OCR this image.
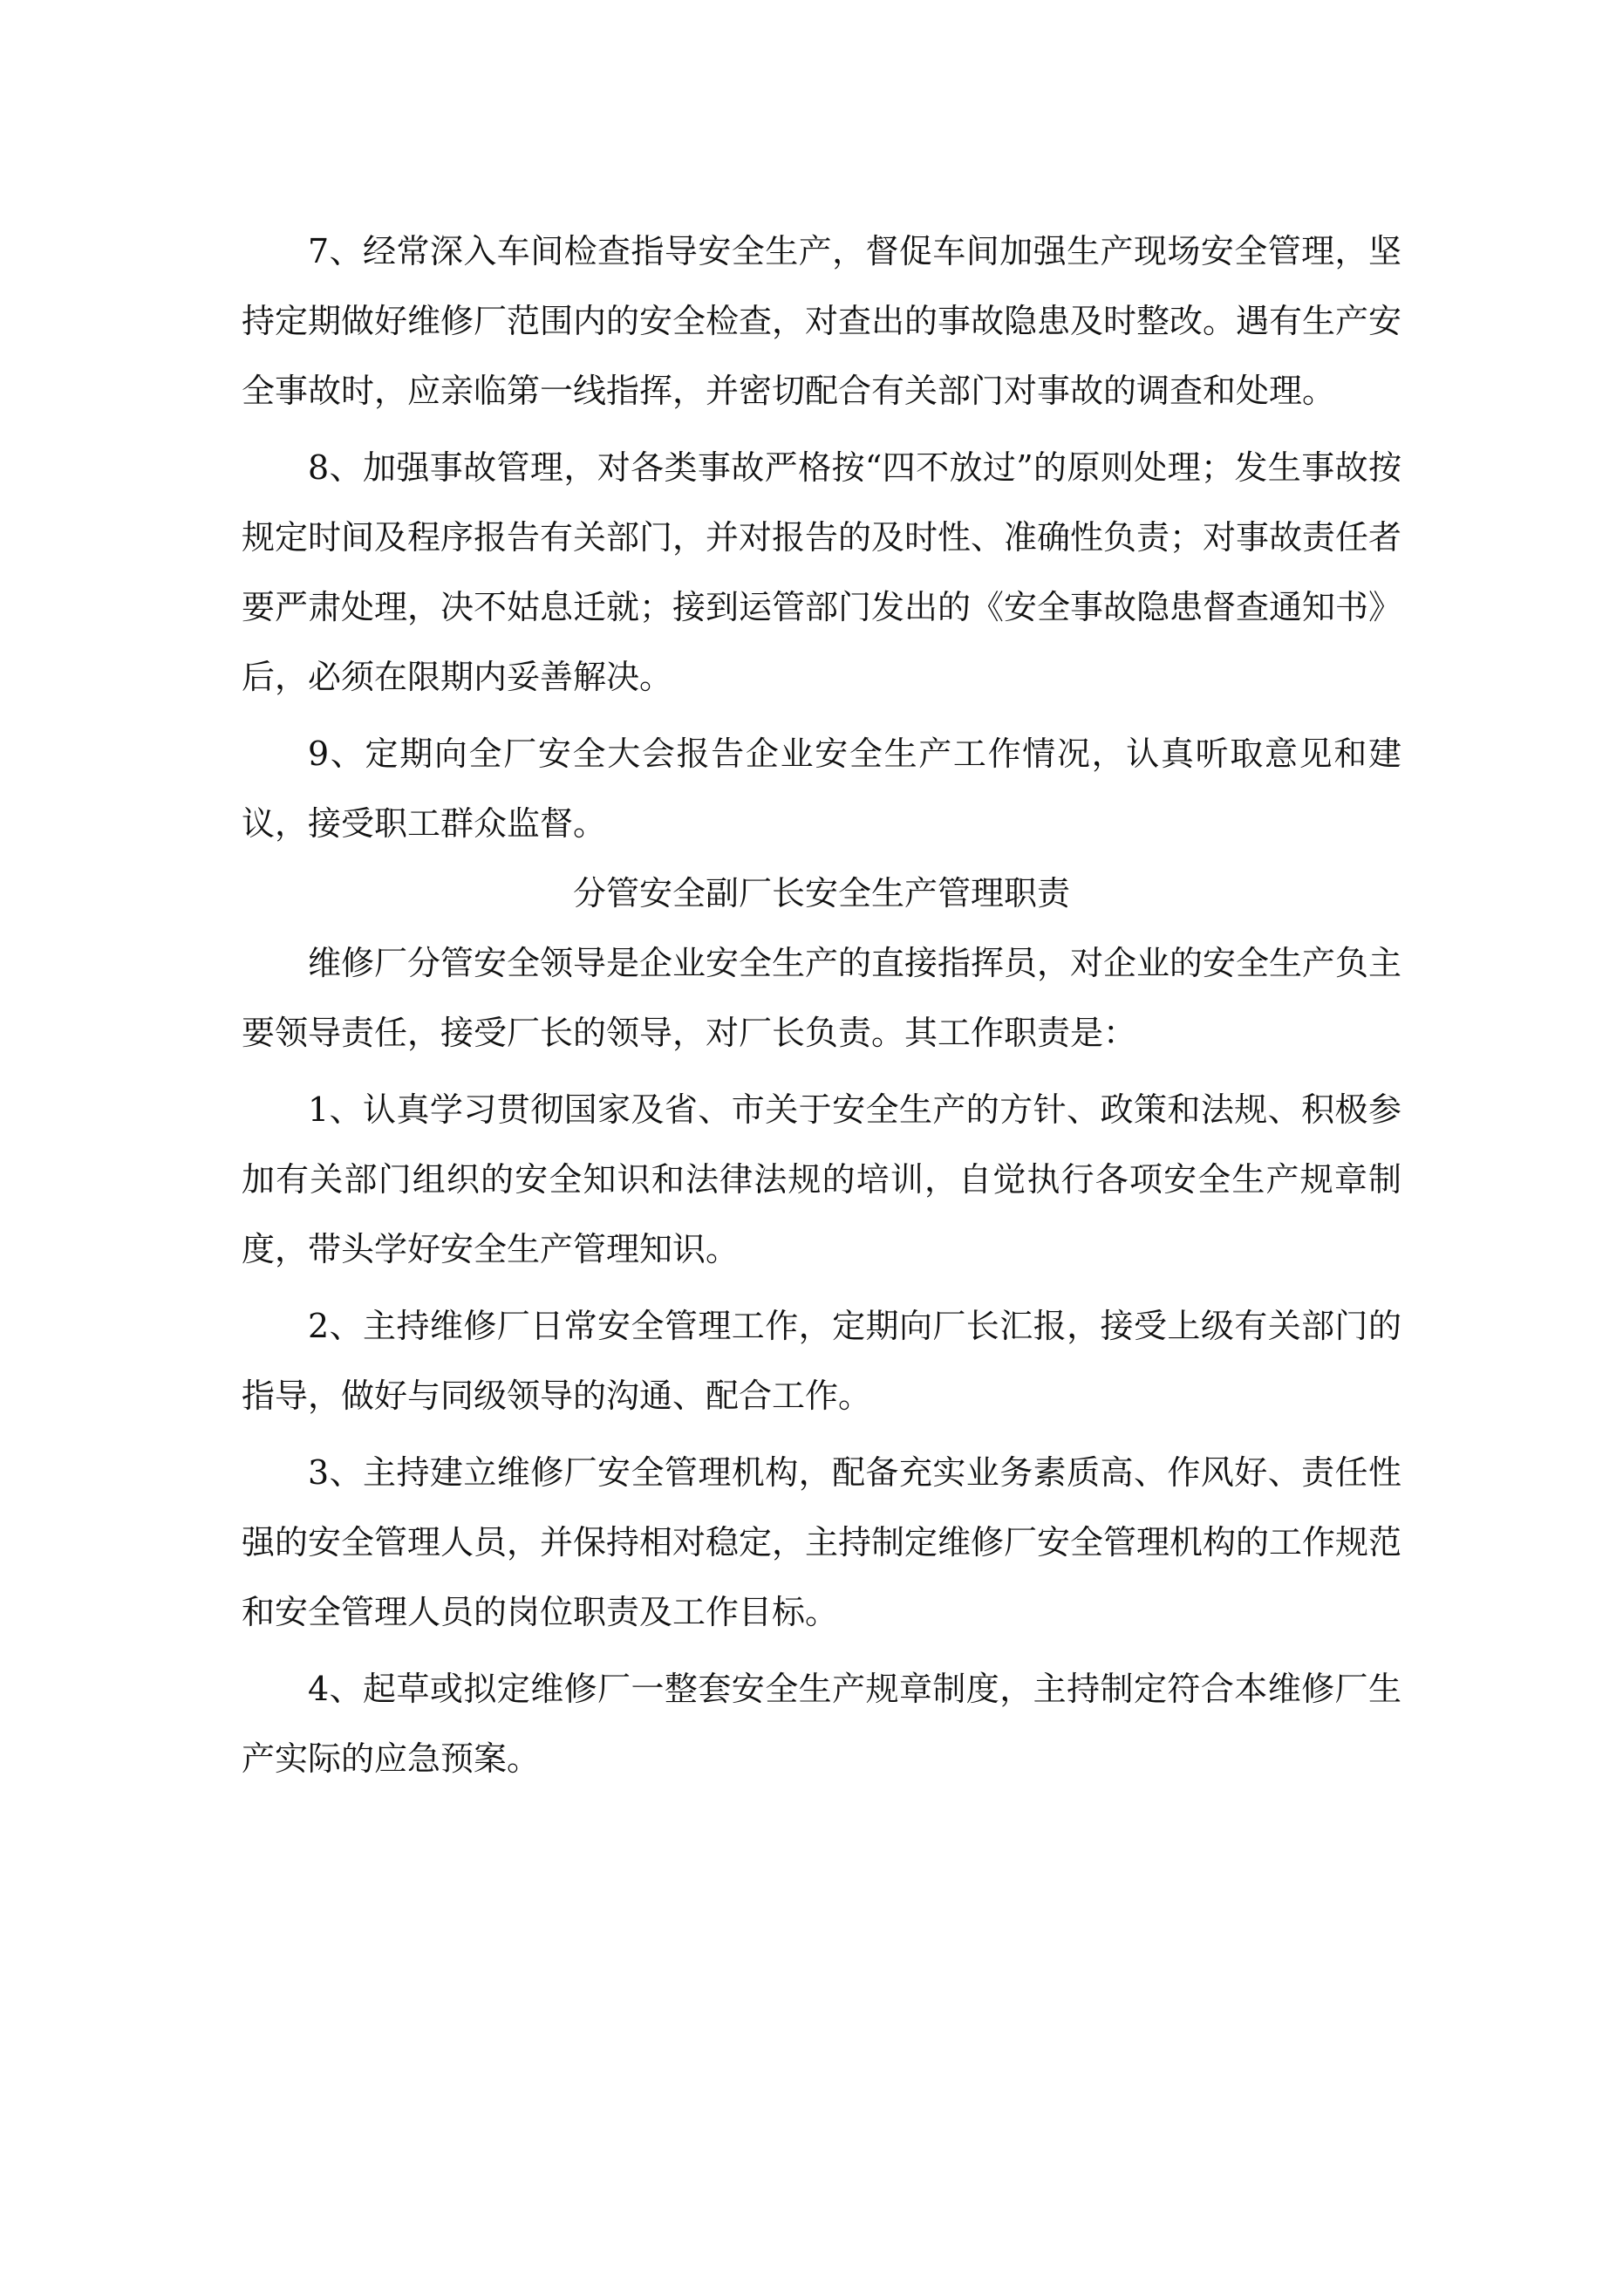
7、经常深入车间检查指导安全生产，督促车间加强生产现场安全管理，坚持定期做好维修厂范围内的安全检查，对查出的事故隐患及时整改。遇有生产安全事故时，应亲临第一线指挥，并密切配合有关部门对事故的调查和处理。

8、加强事故管理，对各类事故严格按“四不放过”的原则处理；发生事故按规定时间及程序报告有关部门，并对报告的及时性、准确性负责；对事故责任者要严肃处理，决不姑息迁就；接到运管部门发出的《安全事故隐患督查通知书》后，必须在限期内妥善解决。

9、定期向全厂安全大会报告企业安全生产工作情况，认真听取意见和建议，接受职工群众监督。

分管安全副厂长安全生产管理职责

维修厂分管安全领导是企业安全生产的直接指挥员，对企业的安全生产负主要领导责任，接受厂长的领导，对厂长负责。其工作职责是：

1、认真学习贯彻国家及省、市关于安全生产的方针、政策和法规、积极参加有关部门组织的安全知识和法律法规的培训，自觉执行各项安全生产规章制度，带头学好安全生产管理知识。

2、主持维修厂日常安全管理工作，定期向厂长汇报，接受上级有关部门的指导，做好与同级领导的沟通、配合工作。

3、主持建立维修厂安全管理机构，配备充实业务素质高、作风好、责任性强的安全管理人员，并保持相对稳定，主持制定维修厂安全管理机构的工作规范和安全管理人员的岗位职责及工作目标。

4、起草或拟定维修厂一整套安全生产规章制度，主持制定符合本维修厂生产实际的应急预案。
